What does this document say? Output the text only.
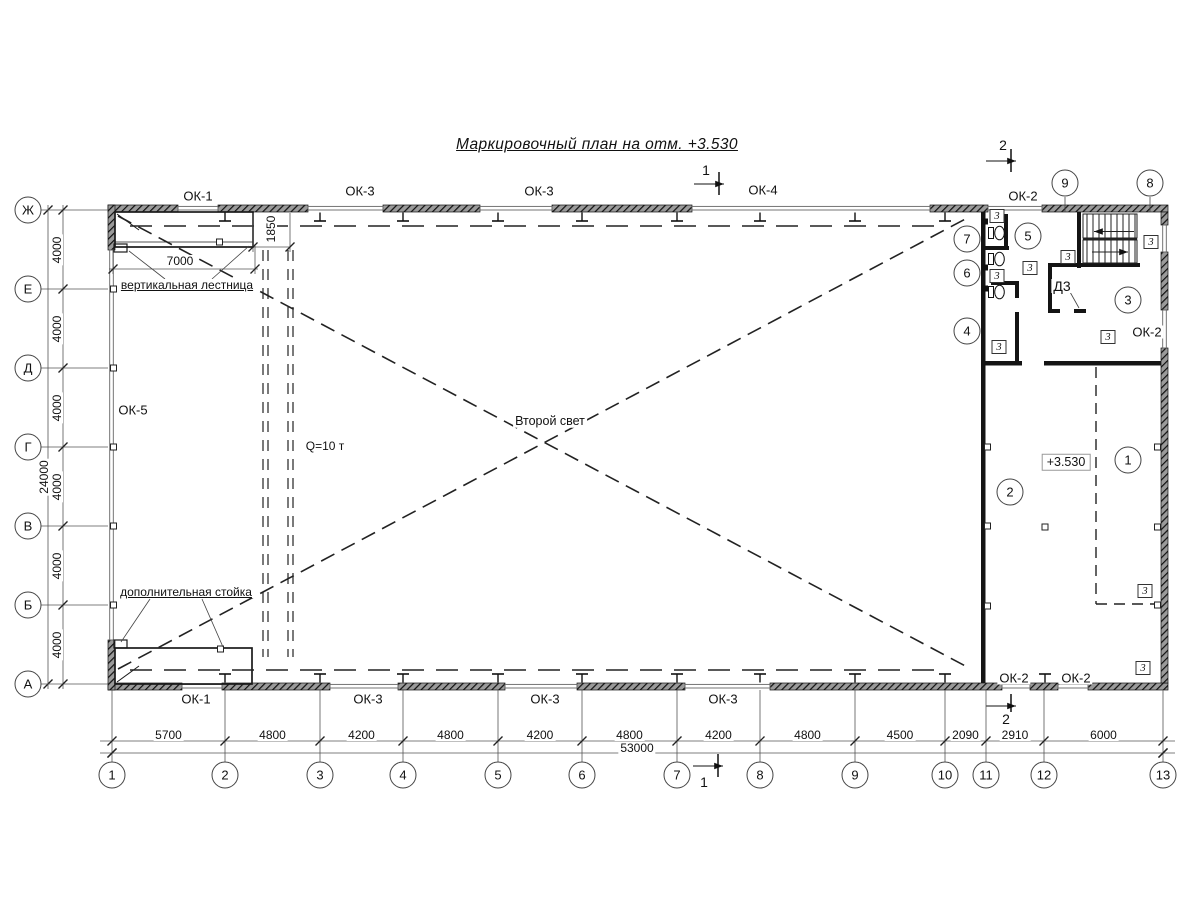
Маркировочный план на отм. +3.530
вертикальная лестница
дополнительная стойка
Второй свет
Q=10 т
Д3
+3.530
7000
1850
53000
24000
1
1
2
2
1	2	3	4	5	6	7	8	9	10	11	12	13
5700	4800	4200	4800	4200	4800	4200	4800	4500	2090 2910	6000
Ж
Е
Д
Г
В
Б
А
4000
4000
4000
4000
4000
4000
ОК-1	ОК-3	ОК-3	ОК-4	ОК-2
ОК-5
ОК-2
ОК-1	ОК-3	ОК-3	ОК-3
ОК-2	ОК-2
1
2
3
4
5
6
7
9	8
3
3
3
3
3
3
3
3
3
